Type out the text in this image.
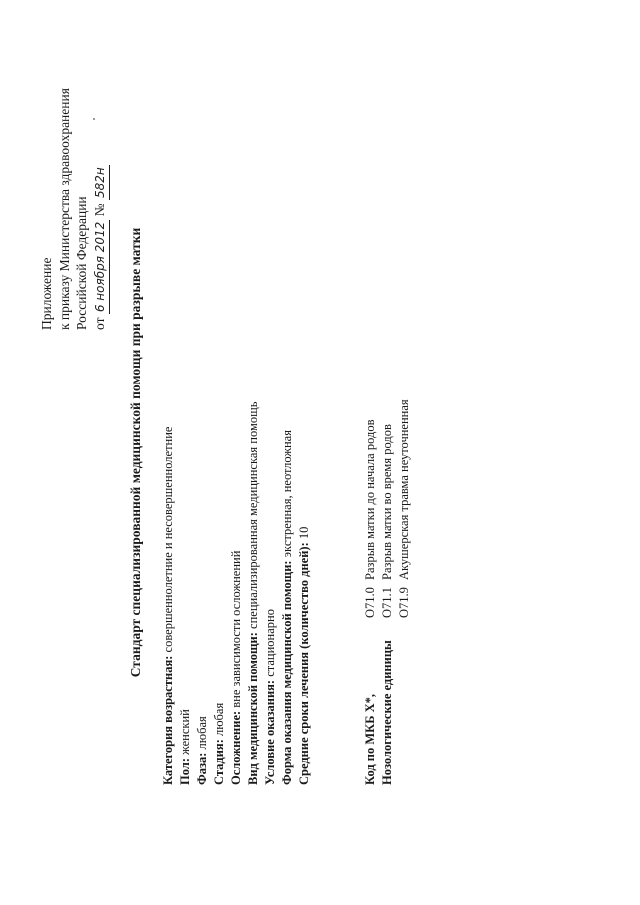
Приложение к приказу Министерства здравоохранения Российской Федерации от 6 ноября 2012 № 582н
Стандарт специализированной медицинской помощи при разрыве матки
Категория возрастная: совершеннолетние и несовершеннолетние
Пол: женский
Фаза: любая
Стадия: любая Осложнение: вне зависимости осложнений Вид медицинской помощи: специализированная медицинская помощь
Условие оказания: стационарно Форма оказания медицинской помощи: экстренная, неотложная
Средние сроки лечения (количество дней): 10
Код по МКБ X*,
O71.0
Разрыв матки до начала родов
Нозологические единицы
O71.1
Разрыв матки во время родов
O71.9
Акушерская травма неуточненная
